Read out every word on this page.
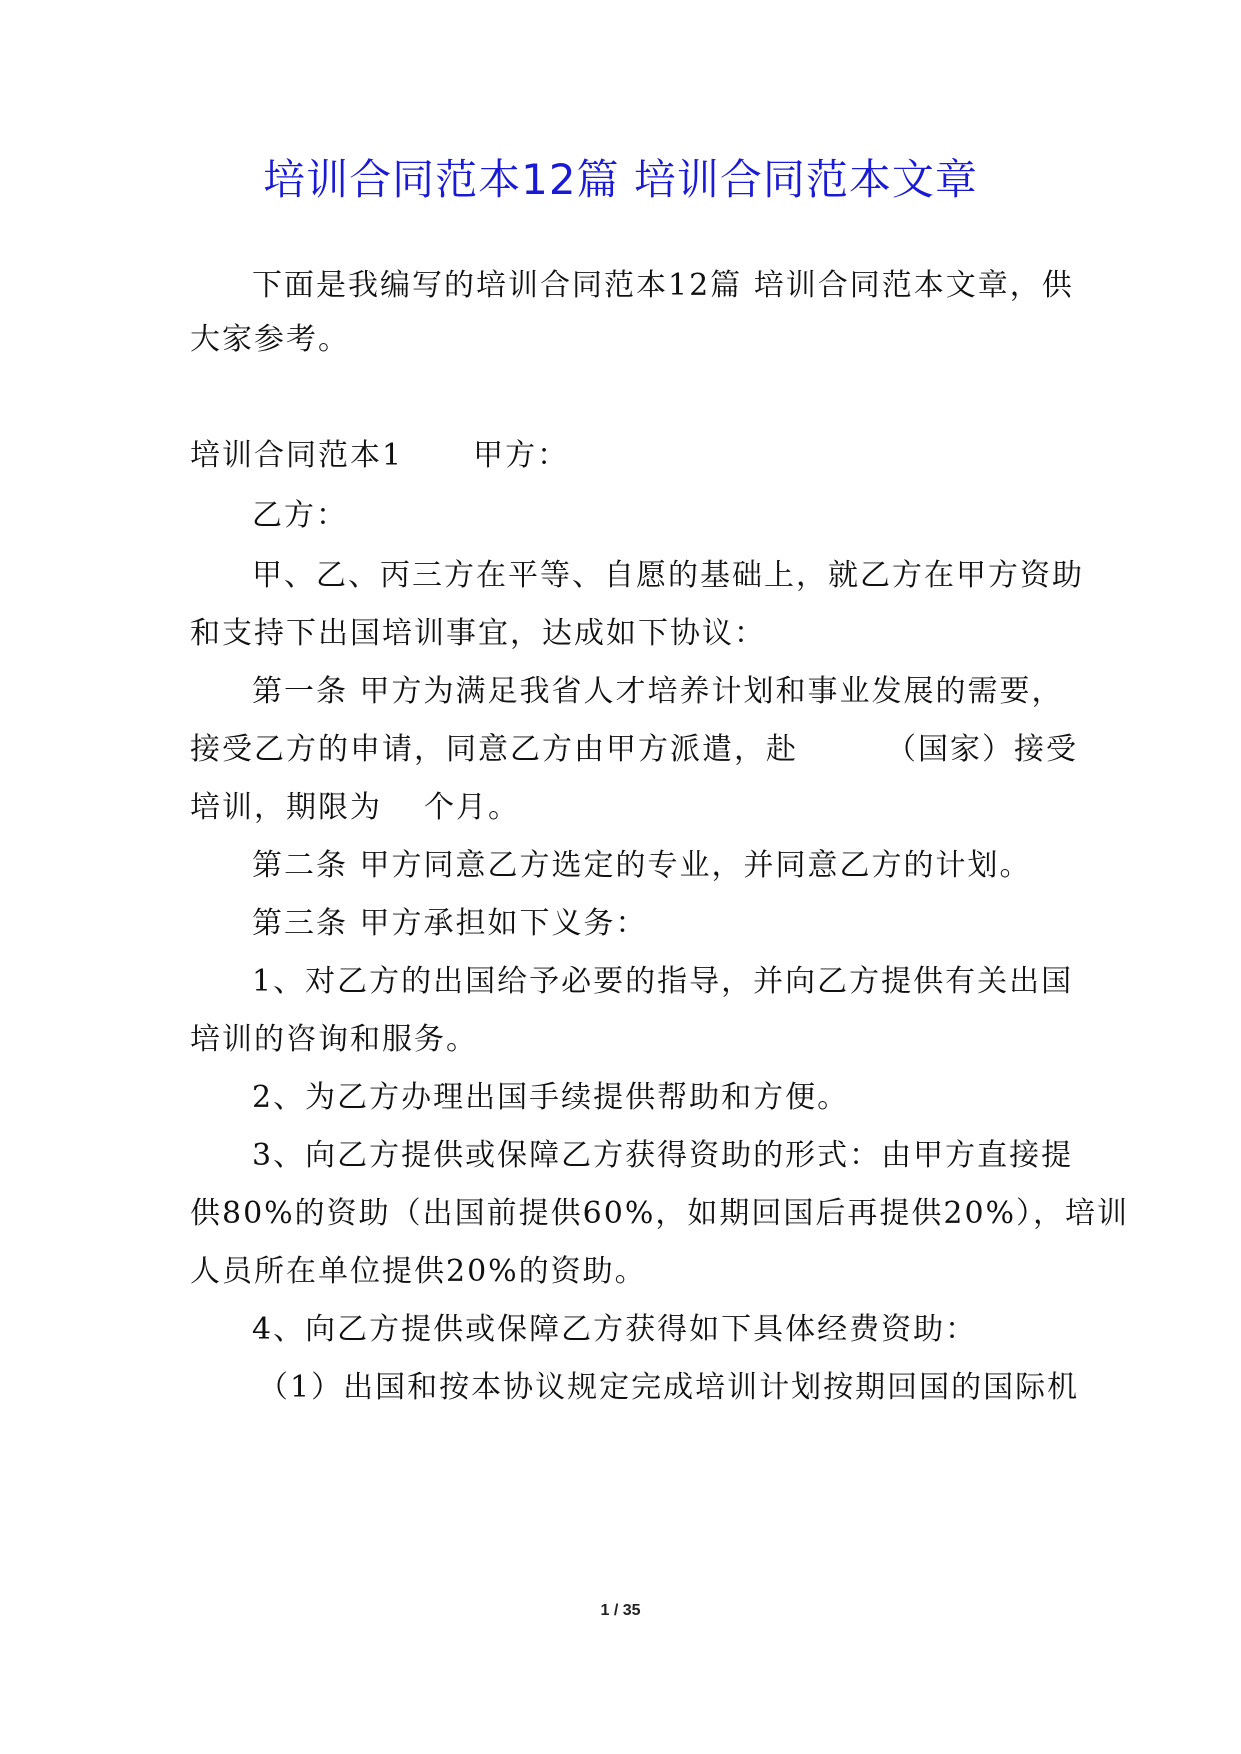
培训合同范本12篇 培训合同范本文章
下面是我编写的培训合同范本12篇 培训合同范本文章，供
大家参考。
培训合同范本1 甲方：
乙方：
甲、乙、丙三方在平等、自愿的基础上，就乙方在甲方资助
和支持下出国培训事宜，达成如下协议：
第一条 甲方为满足我省人才培养计划和事业发展的需要，
接受乙方的申请，同意乙方由甲方派遣，赴	（国家）接受
培训，期限为 个月。
第二条 甲方同意乙方选定的专业，并同意乙方的计划。
第三条 甲方承担如下义务：
1、对乙方的出国给予必要的指导，并向乙方提供有关出国
培训的咨询和服务。
2、为乙方办理出国手续提供帮助和方便。
3、向乙方提供或保障乙方获得资助的形式：由甲方直接提
供80%的资助（出国前提供60%，如期回国后再提供20%），培训
人员所在单位提供20%的资助。
4、向乙方提供或保障乙方获得如下具体经费资助：
（1）出国和按本协议规定完成培训计划按期回国的国际机
1 / 35
